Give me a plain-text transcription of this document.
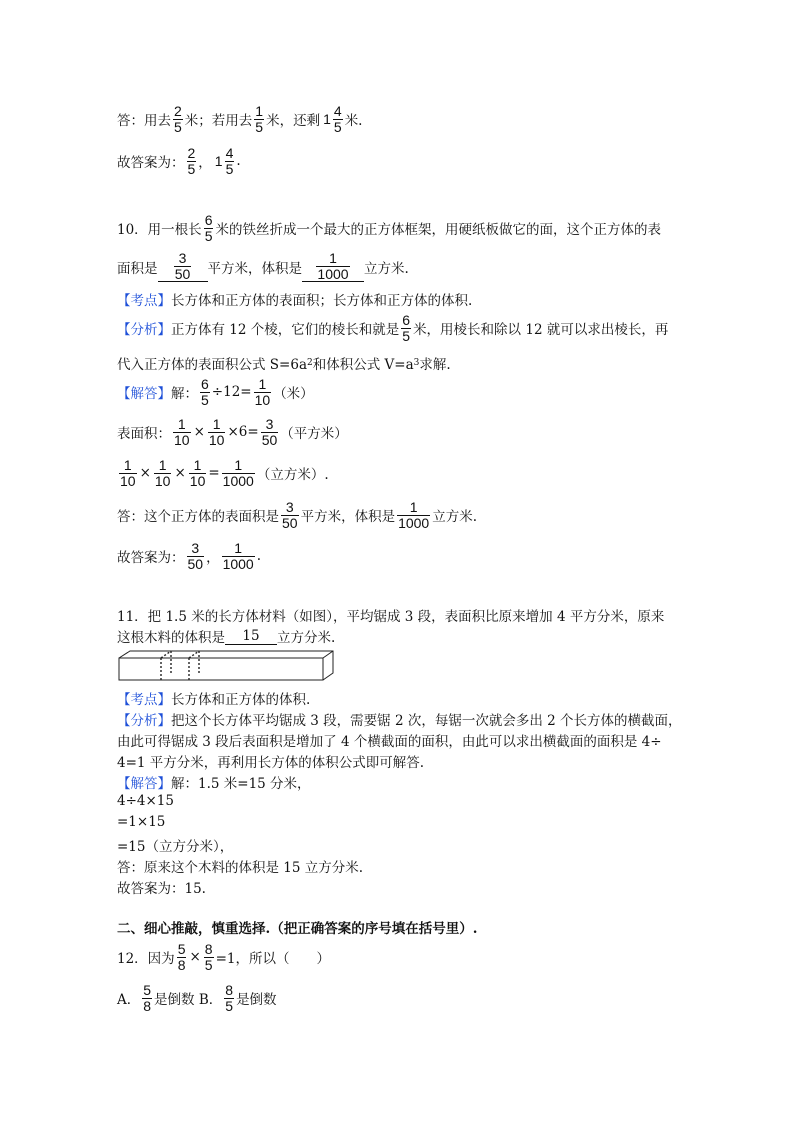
答：用去 $\frac{2}{5}$ 米；若用去 $\frac{1}{5}$ 米，还剩 $1 \frac{4}{5}$ 米.
故答案为： $\frac{2}{5}$ ， $1 \frac{4}{5}$ .
10．用一根长 $\frac{6}{5}$ 米的铁丝折成一个最大的正方体框架，用硬纸板做它的面，这个正方体的表
面积是 $\frac{3}{50}$ 平方米，体积是 $\frac{1}{1000}$ 立方米.
【考点】 长方体和正方体的表面积；长方体和正方体的体积.
【分析】 正方体有 12 个棱，它们的棱长和就是 $\frac{6}{5}$ 米，用棱长和除以 12 就可以求出棱长，再
代入正方体的表面积公式 S=6a 2 和体积公式 V=a 3 求解.
【解答】 解： $\frac{6}{5} \div 12= \frac{1}{10}$ （米）
表面积： $\frac{1}{10} \times \frac{1}{10} \times 6= \frac{3}{50}$ （平方米）
$\frac{1}{10} \times \frac{1}{10} \times \frac{1}{10} = \frac{1}{1000}$ （立方米）.
答：这个正方体的表面积是 $\frac{3}{50}$ 平方米，体积是 $\frac{1}{1000}$ 立方米.
故答案为： $\frac{3}{50}$ ， $\frac{1}{1000}$ .
11．把 1.5 米的长方体材料（如图），平均锯成 3 段，表面积比原来增加 4 平方分米，原来
这根木料的体积是	15	立方分米.
【考点】 长方体和正方体的体积.
【分析】 把这个长方体平均锯成 3 段，需要锯 2 次，每锯一次就会多出 2 个长方体的横截面，
由此可得锯成 3 段后表面积是增加了 4 个横截面的面积，由此可以求出横截面的面积是 4÷
4=1 平方分米，再利用长方体的体积公式即可解答.
【解答】 解：1.5 米=15 分米，
4÷4×15
=1×15
=15（立方分米），
答：原来这个木料的体积是 15 立方分米.
故答案为：15.
二、细心推敲，慎重选择.（把正确答案的序号填在括号里）.
12．因为 $\frac{5}{8} \times \frac{8}{5} =1$，所以（　　）
A． $\frac{5}{8}$ 是倒数 B． $\frac{8}{5}$ 是倒数
